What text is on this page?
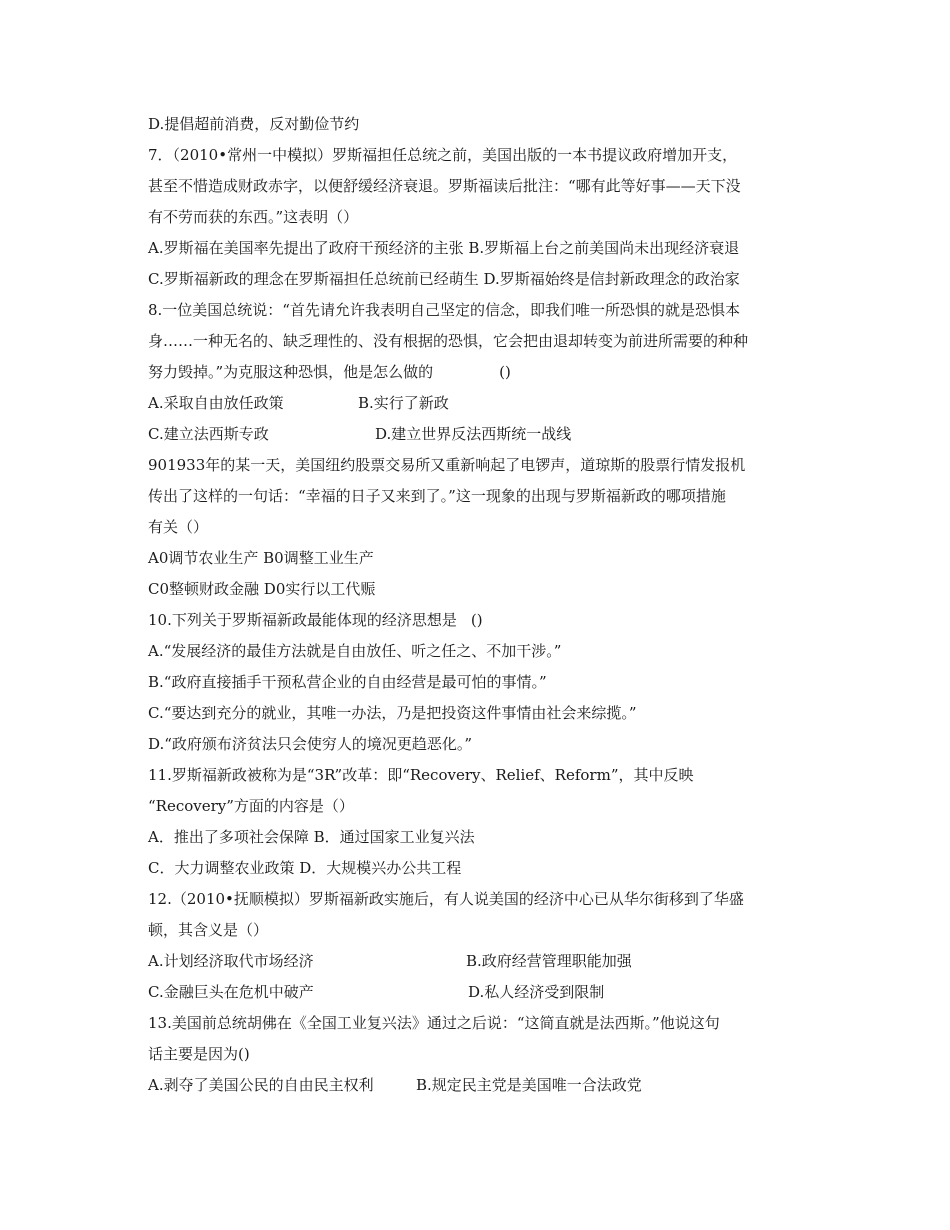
D.提倡超前消费，反对勤俭节约
7．（2010•常州一中模拟）罗斯福担任总统之前，美国出版的一本书提议政府增加开支，
甚至不惜造成财政赤字，以便舒缓经济衰退。罗斯福读后批注：“哪有此等好事——天下没
有不劳而获的东西。”这表明（）
A.罗斯福在美国率先提出了政府干预经济的主张 B.罗斯福上台之前美国尚未出现经济衰退
C.罗斯福新政的理念在罗斯福担任总统前已经萌生 D.罗斯福始终是信封新政理念的政治家
8.一位美国总统说：“首先请允许我表明自己坚定的信念，即我们唯一所恐惧的就是恐惧本
身……一种无名的、缺乏理性的、没有根据的恐惧，它会把由退却转变为前进所需要的种种
努力毁掉。”为克服这种恐惧，他是怎么做的	()
A.采取自由放任政策	B.实行了新政
C.建立法西斯专政	D.建立世界反法西斯统一战线
901933年的某一天，美国纽约股票交易所又重新响起了电锣声，道琼斯的股票行情发报机
传出了这样的一句话：“幸福的日子又来到了。”这一现象的出现与罗斯福新政的哪项措施
有关（）
A0调节农业生产 B0调整工业生产
C0整顿财政金融 D0实行以工代赈
10.下列关于罗斯福新政最能体现的经济思想是 ()
A.“发展经济的最佳方法就是自由放任、听之任之、不加干涉。”
B.“政府直接插手干预私营企业的自由经营是最可怕的事情。”
C.“要达到充分的就业，其唯一办法，乃是把投资这件事情由社会来综揽。”
D.“政府颁布济贫法只会使穷人的境况更趋恶化。”
11.罗斯福新政被称为是“3R”改革：即“Recovery、Relief、Reform”，其中反映
“Recovery”方面的内容是（）
A．推出了多项社会保障 B．通过国家工业复兴法
C．大力调整农业政策 D．大规模兴办公共工程
12.（2010•抚顺模拟）罗斯福新政实施后，有人说美国的经济中心已从华尔街移到了华盛
顿，其含义是（）
A.计划经济取代市场经济	B.政府经营管理职能加强
C.金融巨头在危机中破产	D.私人经济受到限制
13.美国前总统胡佛在《全国工业复兴法》通过之后说：“这简直就是法西斯。”他说这句
话主要是因为()
A.剥夺了美国公民的自由民主权利	B.规定民主党是美国唯一合法政党
